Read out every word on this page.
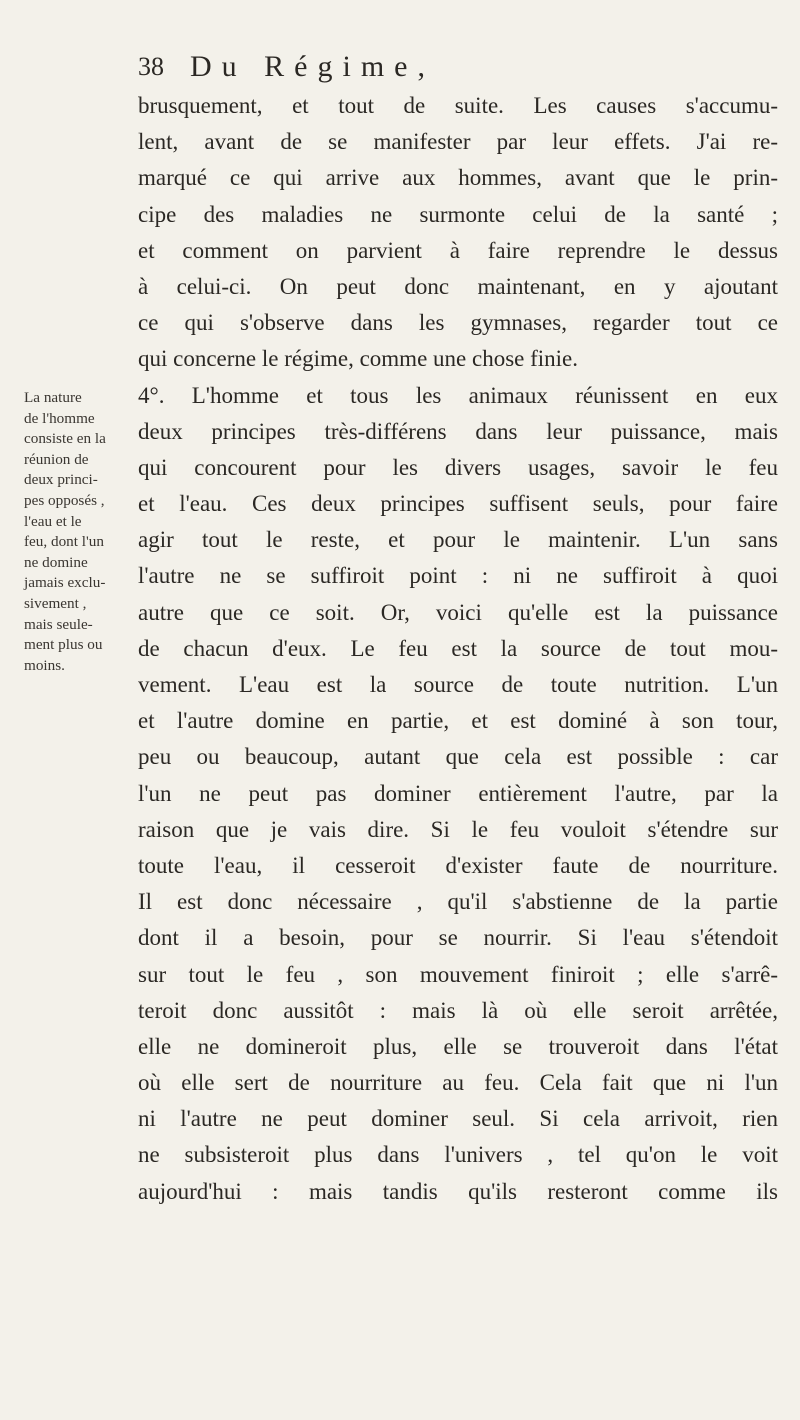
38 Du Régime,
La nature
de l'homme
consiste en la
réunion de
deux princi-
pes opposés ,
l'eau et le
feu, dont l'un
ne domine
jamais exclu-
sivement ,
mais seule-
ment plus ou
moins.
brusquement, et tout de suite. Les causes s'accumu-
lent, avant de se manifester par leur effets. J'ai re-
marqué ce qui arrive aux hommes, avant que le prin-
cipe des maladies ne surmonte celui de la santé ;
et comment on parvient à faire reprendre le dessus
à celui-ci. On peut donc maintenant, en y ajoutant
ce qui s'observe dans les gymnases, regarder tout ce
qui concerne le régime, comme une chose finie.
4°. L'homme et tous les animaux réunissent en eux
deux principes très-différens dans leur puissance, mais
qui concourent pour les divers usages, savoir le feu
et l'eau. Ces deux principes suffisent seuls, pour faire
agir tout le reste, et pour le maintenir. L'un sans
l'autre ne se suffiroit point : ni ne suffiroit à quoi
autre que ce soit. Or, voici qu'elle est la puissance
de chacun d'eux. Le feu est la source de tout mou-
vement. L'eau est la source de toute nutrition. L'un
et l'autre domine en partie, et est dominé à son tour,
peu ou beaucoup, autant que cela est possible : car
l'un ne peut pas dominer entièrement l'autre, par la
raison que je vais dire. Si le feu vouloit s'étendre sur
toute l'eau, il cesseroit d'exister faute de nourriture.
Il est donc nécessaire , qu'il s'abstienne de la partie
dont il a besoin, pour se nourrir. Si l'eau s'étendoit
sur tout le feu , son mouvement finiroit ; elle s'arrê-
teroit donc aussitôt : mais là où elle seroit arrêtée,
elle ne domineroit plus, elle se trouveroit dans l'état
où elle sert de nourriture au feu. Cela fait que ni l'un
ni l'autre ne peut dominer seul. Si cela arrivoit, rien
ne subsisteroit plus dans l'univers , tel qu'on le voit
aujourd'hui : mais tandis qu'ils resteront comme ils
